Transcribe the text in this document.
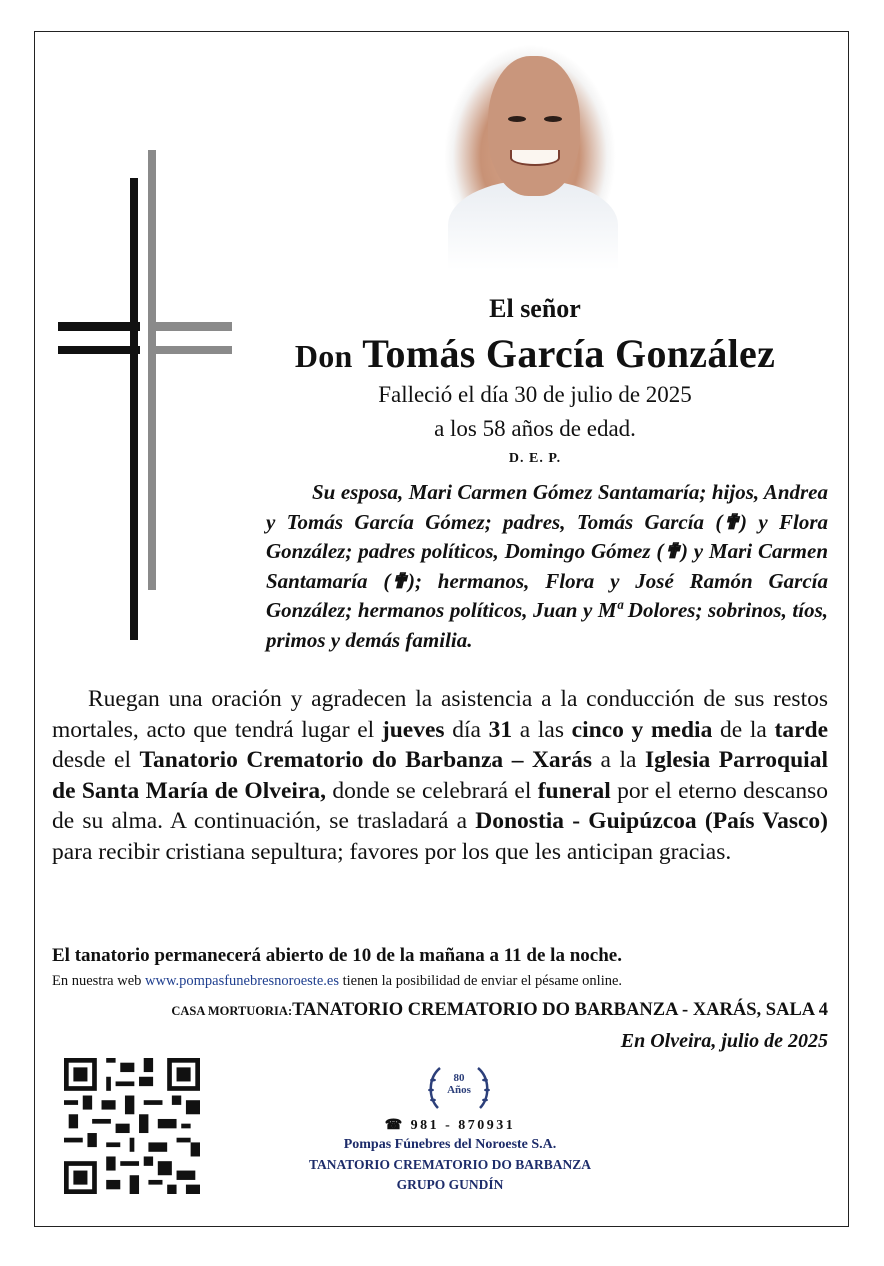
El señor
Don Tomás García González
Falleció el día 30 de julio de 2025
a los 58 años de edad.
D. E. P.
Su esposa, Mari Carmen Gómez Santamaría; hijos, Andrea y Tomás García Gómez; padres, Tomás García (✟) y Flora González; padres políticos, Domingo Gómez (✟) y Mari Carmen Santamaría (✟); hermanos, Flora y José Ramón García González; hermanos políticos, Juan y Mª Dolores; sobrinos, tíos, primos y demás familia.
Ruegan una oración y agradecen la asistencia a la conducción de sus restos mortales, acto que tendrá lugar el jueves día 31 a las cinco y media de la tarde desde el Tanatorio Crematorio do Barbanza – Xarás a la Iglesia Parroquial de Santa María de Olveira, donde se celebrará el funeral por el eterno descanso de su alma. A continuación, se trasladará a Donostia - Guipúzcoa (País Vasco) para recibir cristiana sepultura; favores por los que les anticipan gracias.
El tanatorio permanecerá abierto de 10 de la mañana a 11 de la noche.
En nuestra web www.pompasfunebresnoroeste.es tienen la posibilidad de enviar el pésame online.
CASA MORTUORIA:TANATORIO CREMATORIO DO BARBANZA - XARÁS, SALA 4
En Olveira, julio de 2025
80
Años
☎ 981 - 870931
Pompas Fúnebres del Noroeste S.A.
TANATORIO CREMATORIO DO BARBANZA
GRUPO GUNDÍN
